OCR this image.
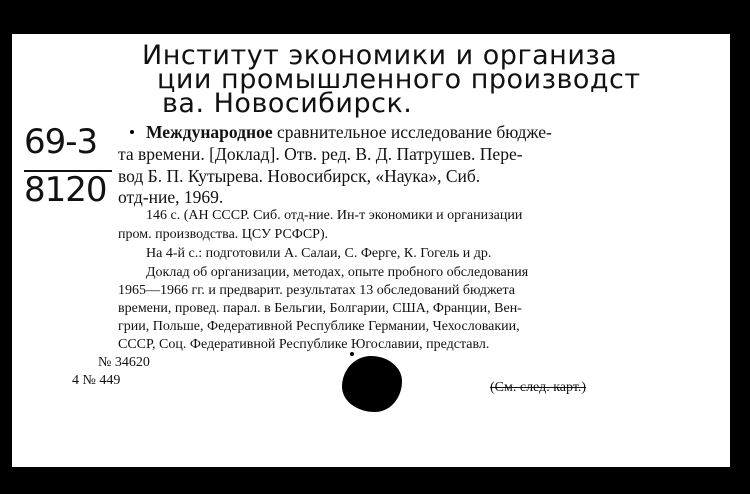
Институт экономики и организа
ции промышленного производст
ва. Новосибирск.
69-3
8120
Международное сравнительное исследование бюдже-
та времени. [Доклад]. Отв. ред. В. Д. Патрушев. Пере-
вод Б. П. Кутырева. Новосибирск, «Наука», Сиб.
отд-ние, 1969.
146 с. (АН СССР. Сиб. отд-ние. Ин-т экономики и организации
пром. производства. ЦСУ РСФСР).
На 4-й с.: подготовили А. Салаи, С. Ферге, К. Гогель и др.
Доклад об организации, методах, опыте пробного обследования
1965—1966 гг. и предварит. результатах 13 обследований бюджета
времени, провед. парал. в Бельгии, Болгарии, США, Франции, Вен-
грии, Польше, Федеративной Республике Германии, Чехословакии,
СССР, Соц. Федеративной Республике Югославии, представл.
№ 34620
4 № 449	(См. след. карт.)
